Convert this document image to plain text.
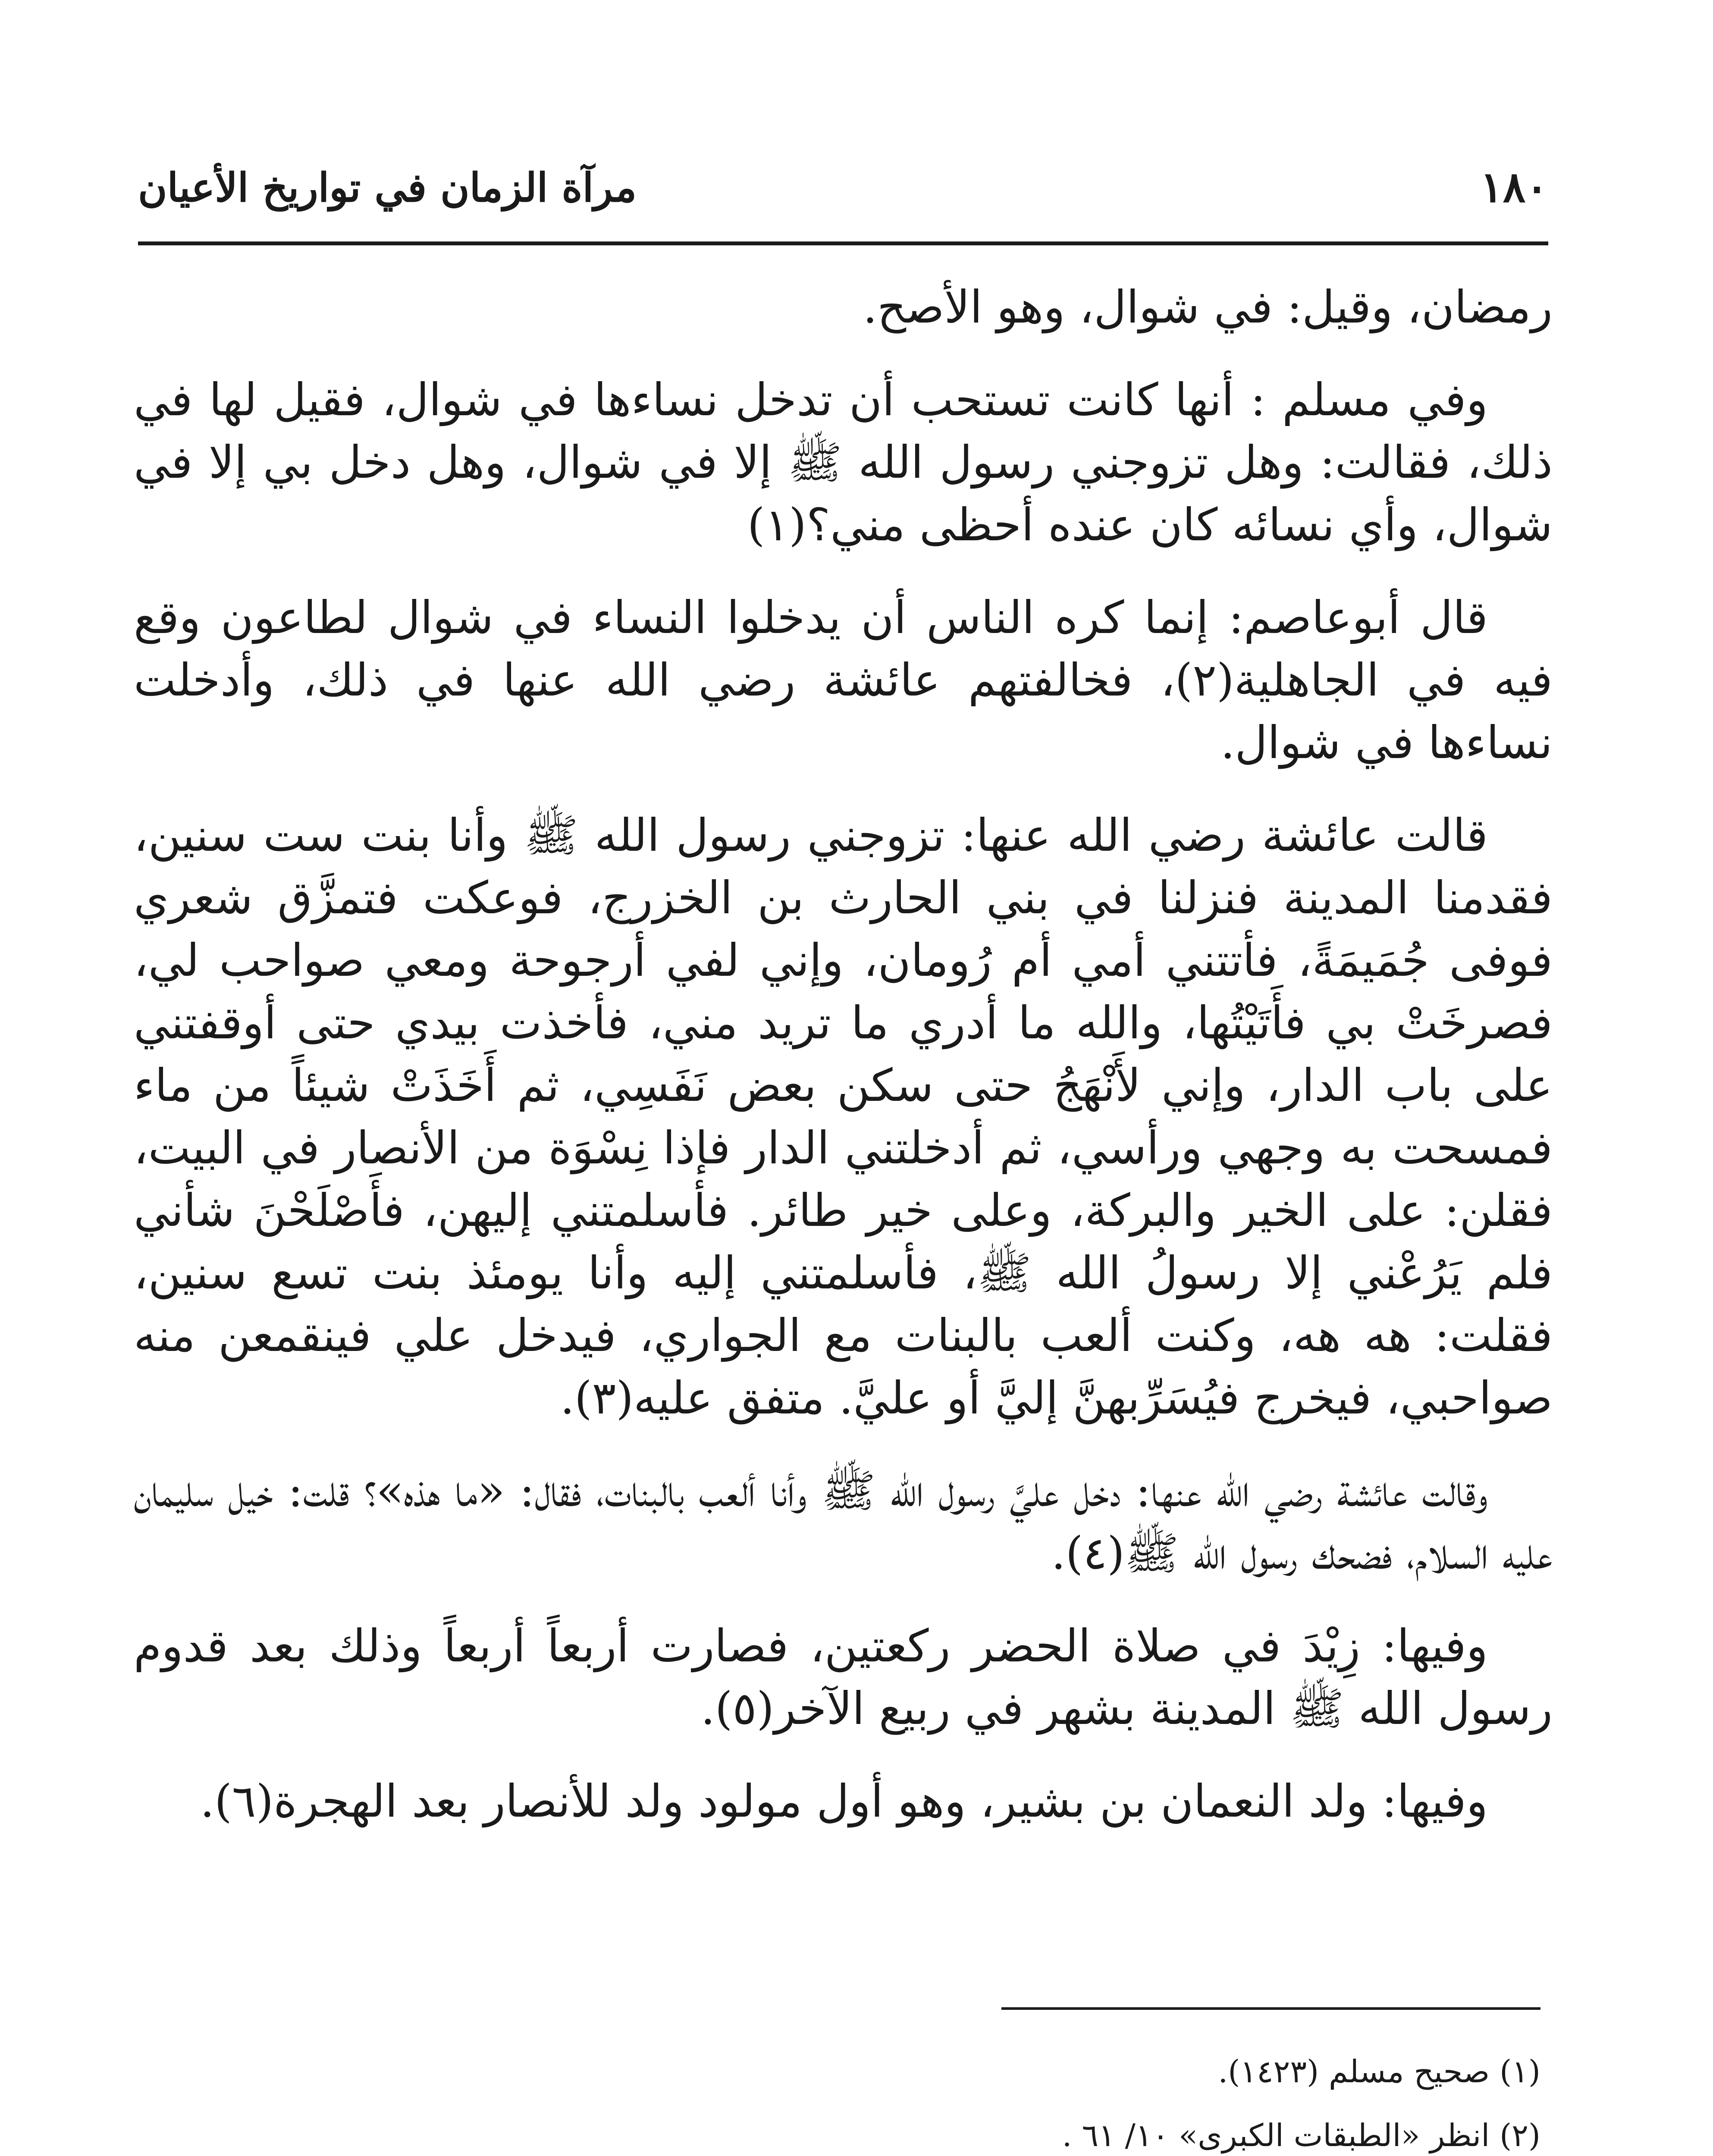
١٨٠
مرآة الزمان في تواريخ الأعيان

رمضان، وقيل: في شوال، وهو الأصح.

وفي مسلم : أنها كانت تستحب أن تدخل نساءها في شوال، فقيل لها في ذلك، فقالت: وهل تزوجني رسول الله ﷺ إلا في شوال، وهل دخل بي إلا في شوال، وأي نسائه كان عنده أحظى مني؟(١)

قال أبوعاصم: إنما كره الناس أن يدخلوا النساء في شوال لطاعون وقع فيه في الجاهلية(٢)، فخالفتهم عائشة رضي الله عنها في ذلك، وأدخلت نساءها في شوال.

قالت عائشة رضي الله عنها: تزوجني رسول الله ﷺ وأنا بنت ست سنين، فقدمنا المدينة فنزلنا في بني الحارث بن الخزرج، فوعكت فتمزَّق شعري فوفى جُمَيمَةً، فأتتني أمي أم رُومان، وإني لفي أرجوحة ومعي صواحب لي، فصرخَتْ بي فأَتَيْتُها، والله ما أدري ما تريد مني، فأخذت بيدي حتى أوقفتني على باب الدار، وإني لأَنْهَجُ حتى سكن بعض نَفَسِي، ثم أَخَذَتْ شيئاً من ماء فمسحت به وجهي ورأسي، ثم أدخلتني الدار فإذا نِسْوَة من الأنصار في البيت، فقلن: على الخير والبركة، وعلى خير طائر. فأسلمتني إليهن، فأَصْلَحْنَ شأني فلم يَرُعْني إلا رسولُ الله ﷺ، فأسلمتني إليه وأنا يومئذ بنت تسع سنين، فقلت: هه هه، وكنت ألعب بالبنات مع الجواري، فيدخل علي فينقمعن منه صواحبي، فيخرج فيُسَرِّبهنَّ إليَّ أو عليَّ. متفق عليه(٣).

وقالت عائشة رضي الله عنها: دخل عليَّ رسول الله ﷺ وأنا ألعب بالبنات، فقال: «ما هذه»؟ قلت: خيل سليمان عليه السلام، فضحك رسول الله ﷺ(٤).

وفيها: زِيْدَ في صلاة الحضر ركعتين، فصارت أربعاً أربعاً وذلك بعد قدوم رسول الله ﷺ المدينة بشهر في ربيع الآخر(٥).

وفيها: ولد النعمان بن بشير، وهو أول مولود ولد للأنصار بعد الهجرة(٦).

(١) صحيح مسلم (١٤٢٣).
(٢) انظر «الطبقات الكبرى» ١٠/ ٦١ .
